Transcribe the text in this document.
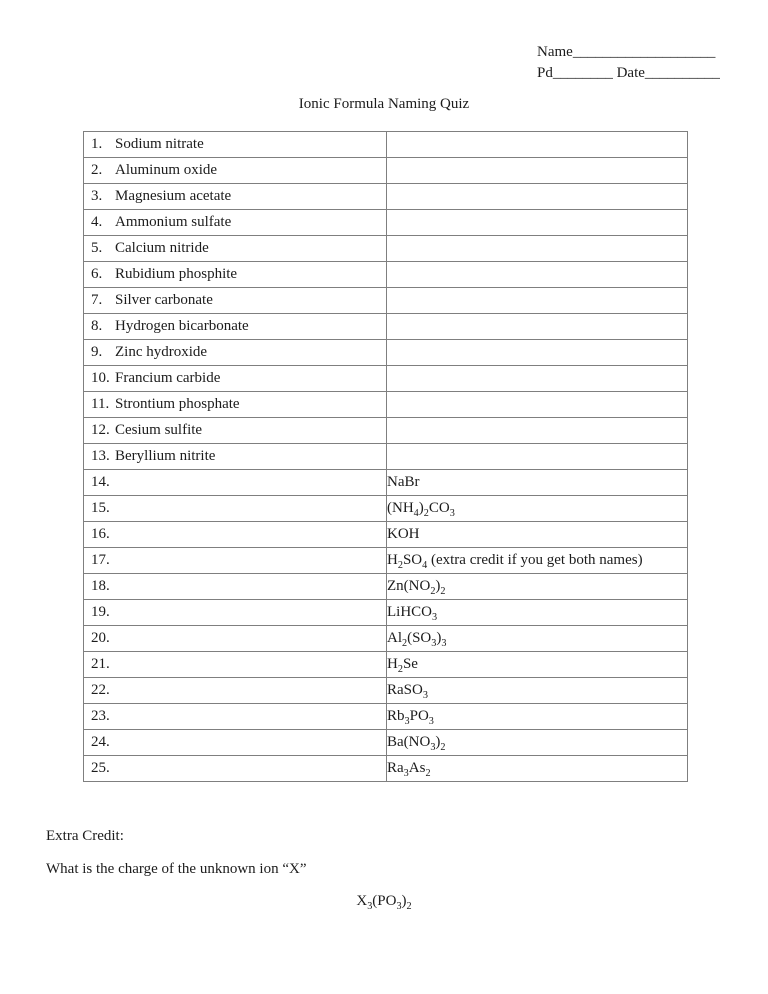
Name___________________
Pd________ Date__________
Ionic Formula Naming Quiz
1. Sodium nitrate	
2. Aluminum oxide	
3. Magnesium acetate	
4. Ammonium sulfate	
5. Calcium nitride	
6. Rubidium phosphite	
7. Silver carbonate	
8. Hydrogen bicarbonate	
9. Zinc hydroxide	
10. Francium carbide	
11. Strontium phosphate	
12. Cesium sulfite	
13. Beryllium nitrite	
14.	NaBr
15.	$(NH_4)_2CO_3$
16.	KOH
17.	$H_2SO_4$ (extra credit if you get both names)
18.	$Zn(NO_2)_2$
19.	LiHCO$_3$
20.	$Al_2(SO_3)_3$
21.	$H_2Se$
22.	RaSO$_3$
23.	$Rb_3PO_3$
24.	$Ba(NO_3)_2$
25.	$Ra_3As_2$
Extra Credit:
What is the charge of the unknown ion “X”
$X_3(PO_3)_2$
